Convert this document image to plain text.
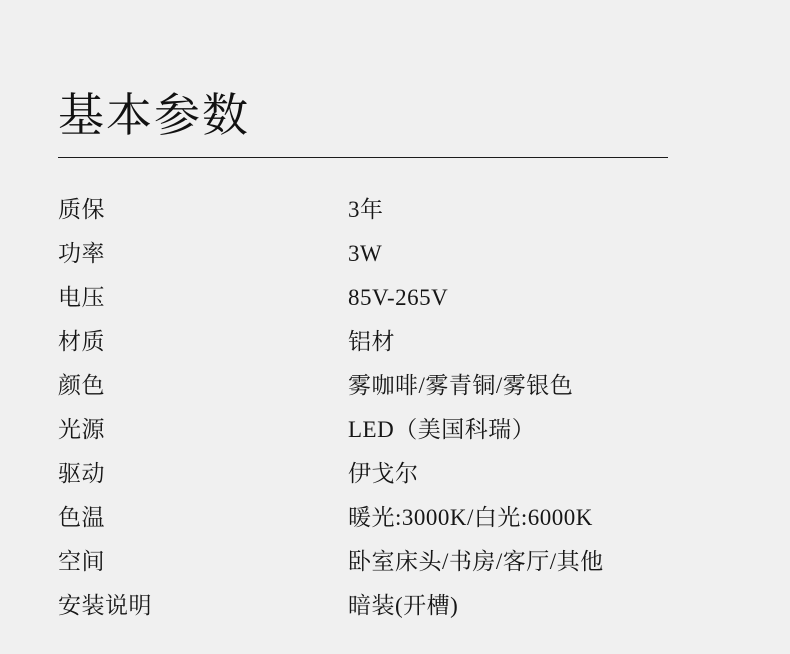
基本参数
质保	3年
功率	3W
电压	85V-265V
材质	铝材
颜色	雾咖啡/雾青铜/雾银色
光源	LED（美国科瑞）
驱动	伊戈尔
色温	暖光:3000K/白光:6000K
空间	卧室床头/书房/客厅/其他
安装说明	暗装(开槽)
